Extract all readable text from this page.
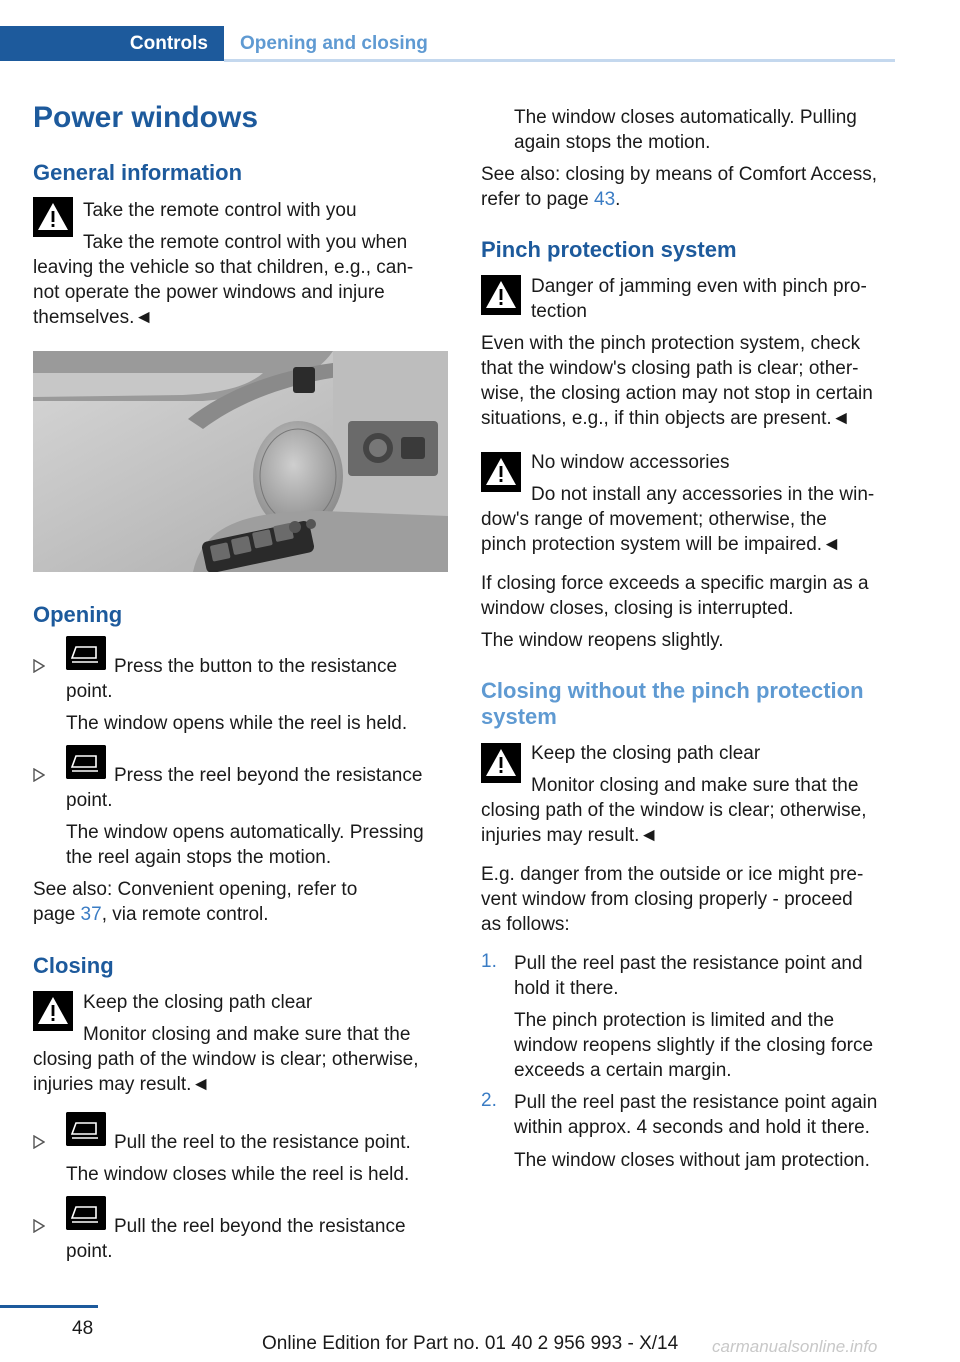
Controls	Opening and closing
Power windows
General information
Take the remote control with you
Take the remote control with you when
leaving the vehicle so that children, e.g., can-
not operate the power windows and injure
themselves.◄
Opening
Press the button to the resistance
point.
The window opens while the reel is held.
Press the reel beyond the resistance
point.
The window opens automatically. Pressing
the reel again stops the motion.
See also: Convenient opening, refer to
page 37, via remote control.
Closing
Keep the closing path clear
Monitor closing and make sure that the
closing path of the window is clear; otherwise,
injuries may result.◄
Pull the reel to the resistance point.
The window closes while the reel is held.
Pull the reel beyond the resistance
point.
The window closes automatically. Pulling
again stops the motion.
See also: closing by means of Comfort Access,
refer to page 43.
Pinch protection system
Danger of jamming even with pinch pro-
tection
Even with the pinch protection system, check
that the window's closing path is clear; other-
wise, the closing action may not stop in certain
situations, e.g., if thin objects are present.◄
No window accessories
Do not install any accessories in the win-
dow's range of movement; otherwise, the
pinch protection system will be impaired.◄
If closing force exceeds a specific margin as a
window closes, closing is interrupted.
The window reopens slightly.
Closing without the pinch protection
system
Keep the closing path clear
Monitor closing and make sure that the
closing path of the window is clear; otherwise,
injuries may result.◄
E.g. danger from the outside or ice might pre-
vent window from closing properly - proceed
as follows:
1. Pull the reel past the resistance point and
hold it there.
The pinch protection is limited and the
window reopens slightly if the closing force
exceeds a certain margin.
2. Pull the reel past the resistance point again
within approx. 4 seconds and hold it there.
The window closes without jam protection.
48
Online Edition for Part no. 01 40 2 956 993 - X/14 carmanualsonline.info
